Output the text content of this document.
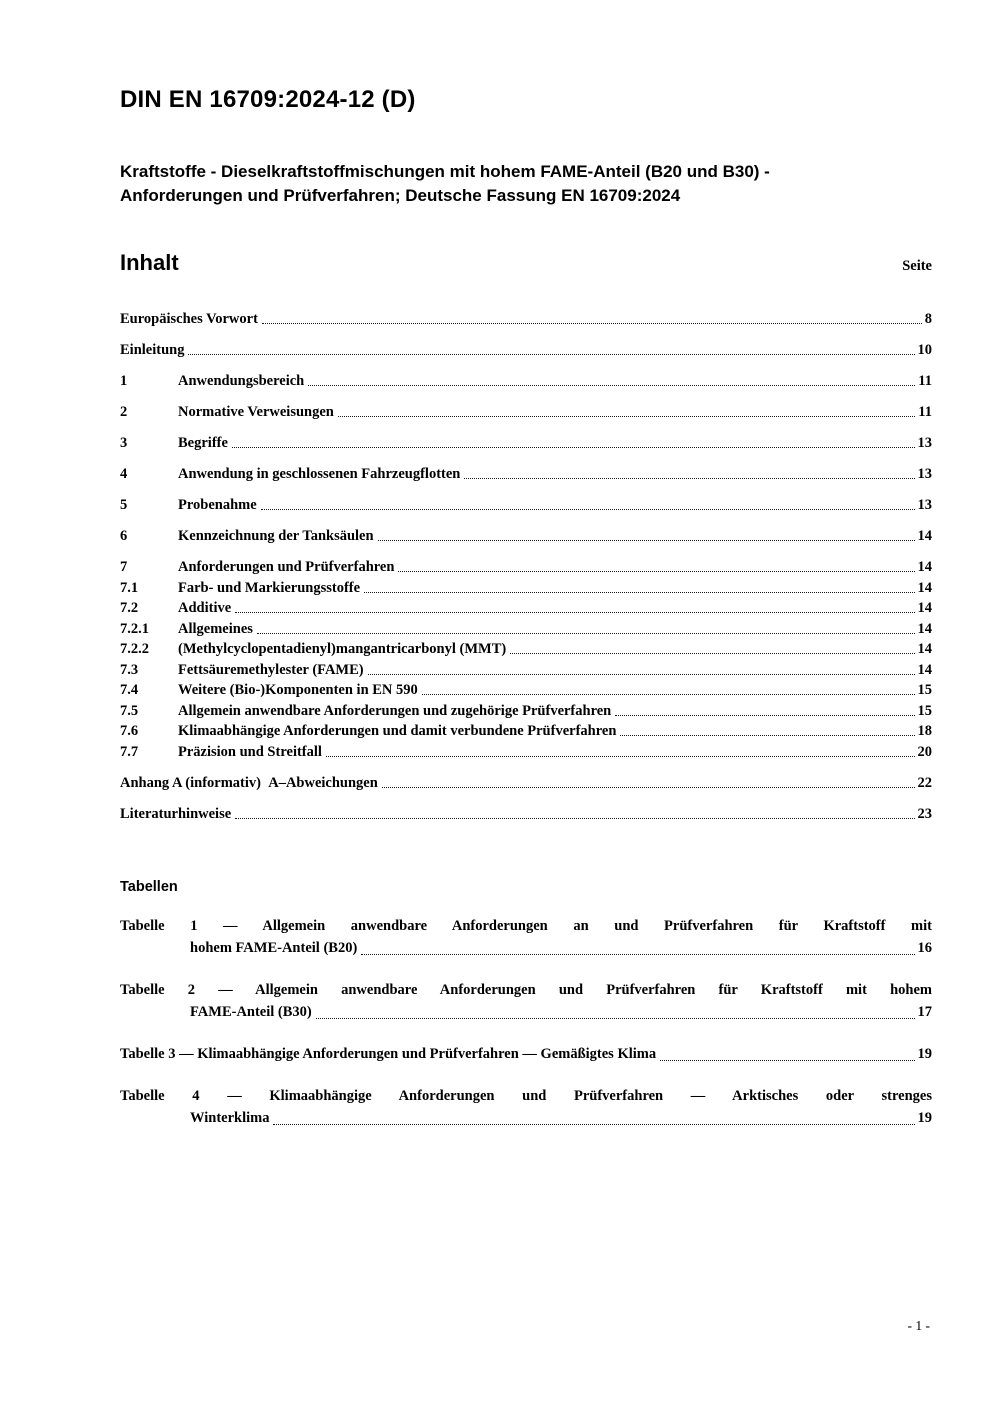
DIN EN 16709:2024-12 (D)
Kraftstoffe - Dieselkraftstoffmischungen mit hohem FAME-Anteil (B20 und B30) -
Anforderungen und Prüfverfahren; Deutsche Fassung EN 16709:2024
Inhalt	Seite
Europäisches Vorwort	8
Einleitung	10
1	Anwendungsbereich	11
2	Normative Verweisungen	11
3	Begriffe	13
4	Anwendung in geschlossenen Fahrzeugflotten	13
5	Probenahme	13
6	Kennzeichnung der Tanksäulen	14
7	Anforderungen und Prüfverfahren	14
7.1	Farb- und Markierungsstoffe	14
7.2	Additive	14
7.2.1	Allgemeines	14
7.2.2	(Methylcyclopentadienyl)mangantricarbonyl (MMT)	14
7.3	Fettsäuremethylester (FAME)	14
7.4	Weitere (Bio-)Komponenten in EN 590	15
7.5	Allgemein anwendbare Anforderungen und zugehörige Prüfverfahren	15
7.6	Klimaabhängige Anforderungen und damit verbundene Prüfverfahren	18
7.7	Präzision und Streitfall	20
Anhang A (informativ)  A–Abweichungen	22
Literaturhinweise	23
Tabellen
Tabelle 1 — Allgemein anwendbare Anforderungen an und Prüfverfahren für Kraftstoff mit
hohem FAME-Anteil (B20)	16
Tabelle 2 — Allgemein anwendbare Anforderungen und Prüfverfahren für Kraftstoff mit hohem
FAME-Anteil (B30)	17
Tabelle 3 — Klimaabhängige Anforderungen und Prüfverfahren — Gemäßigtes Klima	19
Tabelle 4 — Klimaabhängige Anforderungen und Prüfverfahren — Arktisches oder strenges
Winterklima	19
- 1 -
